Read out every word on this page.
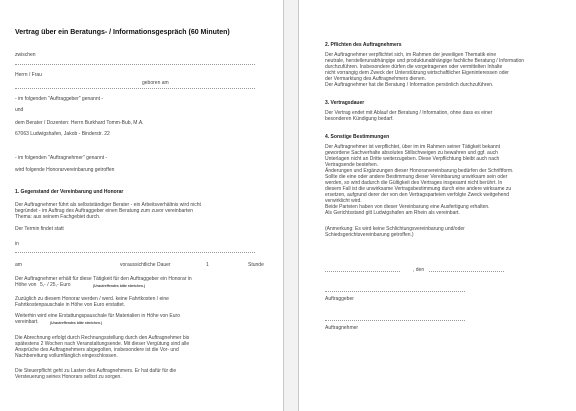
Vertrag über ein Beratungs- / Informationsgespräch (60 Minuten)
zwischen
Herrn / Frau
geboren am
- im folgenden "Auftraggeber" genannt -
und
dem Berater / Dozenten: Herrn Burkhard Tomm-Bub, M.A.
67063 Ludwigshafen, Jakob - Binderstr. 22
- im folgenden "Auftragnehmer" genannt -
wird folgende Honorarvereinbarung getroffen
1. Gegenstand der Vereinbarung und Honorar
Der Auftragnehmer führt als selbstständiger Berater - ein Arbeitsverhältnis wird nicht
begründet - im Auftrag des Auftraggeber einen Beratung zum zuvor vereinbarten
Thema: aus seinem Fachgebiet durch.
Der Termin findet statt
in
am	voraussichtliche Dauer	1	Stunde
Der Auftragnehmer erhält für diese Tätigkeit für den Auftraggeber ein Honorar in
Höhe von 5,- / 25,- Euro	(Unzutreffendes bitte streichen.)
Zuzüglich zu diesem Honorar werden / werd. keine Fahrtkosten / eine
Fahrtkostenpauschale in Höhe von Euro erstattet.
Weiterhin wird eine Erstattungspauschale für Materialien in Höhe von Euro
vereinbart.	(Unzutreffendes bitte streichen.)
Die Abrechnung erfolgt durch Rechnungsstellung durch den Auftragnehmer bis
spätestens 2 Wochen nach Veranstaltungsende. Mit dieser Vergütung sind alle
Ansprüche des Auftragnehmers abgegolten, insbesondere ist die Vor- und
Nachbereitung vollumfänglich eingeschlossen.
Die Steuerpflicht geht zu Lasten des Auftragnehmers. Er hat dafür für die
Versteuerung seines Honorars selbst zu sorgen.
2. Pflichten des Auftragnehmers
Der Auftragnehmer verpflichtet sich, im Rahmen der jeweiligen Thematik eine
neutrale, herstellerunabhängige und produktunabhängige fachliche Beratung / Information
durchzuführen. Insbesondere dürfen die vorgetragenen oder vermittelten Inhalte
nicht vorrangig dem Zweck der Unterstützung wirtschaftlicher Eigeninteressen oder
der Vermarktung des Auftragnehmers dienen.
Der Auftragnehmer hat die Beratung / Information persönlich durchzuführen.
3. Vertragsdauer
Der Vertrag endet mit Ablauf der Beratung / Information, ohne dass es einer
besonderen Kündigung bedarf.
4. Sonstige Bestimmungen
Der Auftragnehmer ist verpflichtet, über im im Rahmen seiner Tätigkeit bekannt
gewordene Sachverhalte absolutes Stillschweigen zu bewahren und ggf. auch
Unterlagen nicht an Dritte weiterzugeben. Diese Verpflichtung bleibt auch nach
Vertragsende bestehen.
Änderungen und Ergänzungen dieser Honorarvereinbarung bedürfen der Schriftform.
Sollte die eine oder andere Bestimmung dieser Vereinbarung unwirksam sein oder
werden, so wird dadurch die Gültigkeit des Vertrages insgesamt nicht berührt. In
diesem Fall ist die unwirksame Vertragsbestimmung durch eine andere wirksame zu
ersetzen, aufgrund derer der von den Vertragsparteien verfolgte Zweck weitgehend
verwirklicht wird.
Beide Parteien haben von dieser Vereinbarung eine Ausfertigung erhalten.
Als Gerichtsstand gilt Ludwigshafen am Rhein als vereinbart.
(Anmerkung: Es wird keine Schlichtungsvereinbarung und/oder
Schiedsgerichtsvereinbarung getroffen.)
, den
Auftraggeber
Auftragnehmer
